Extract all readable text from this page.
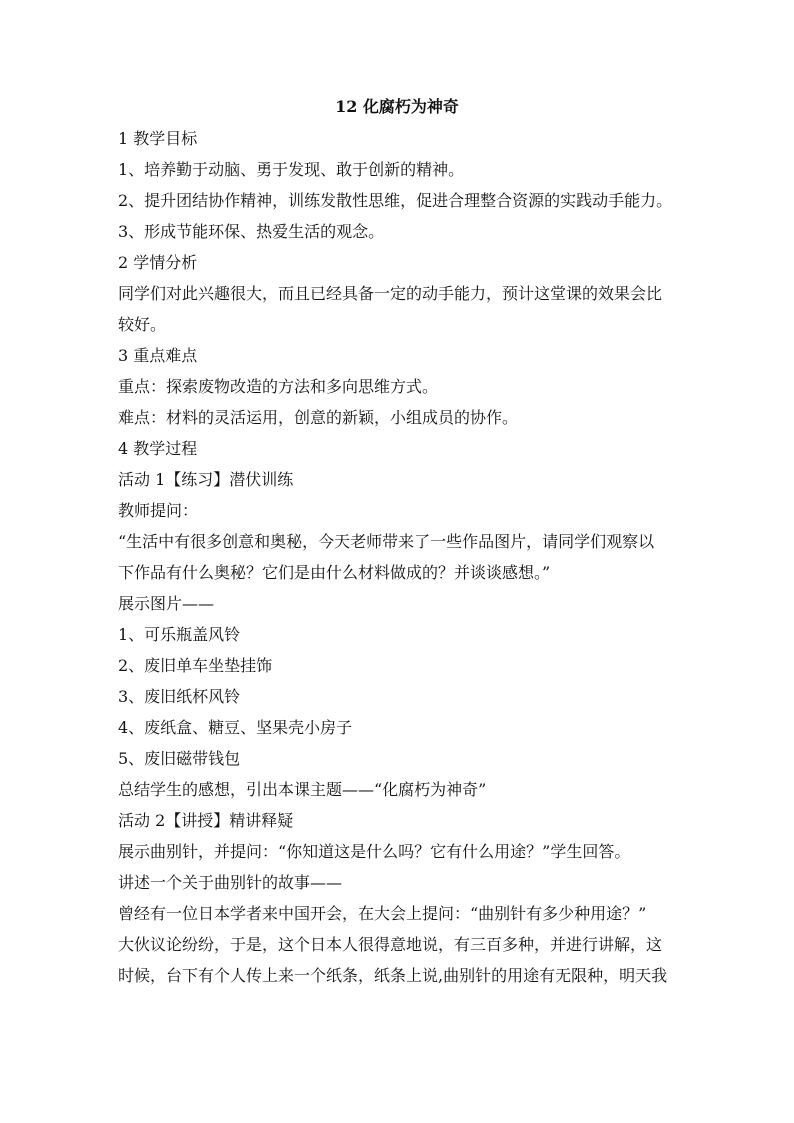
12 化腐朽为神奇
1 教学目标
1、培养勤于动脑、勇于发现、敢于创新的精神。
2、提升团结协作精神，训练发散性思维，促进合理整合资源的实践动手能力。
3、形成节能环保、热爱生活的观念。
2 学情分析
同学们对此兴趣很大，而且已经具备一定的动手能力，预计这堂课的效果会比
较好。
3 重点难点
重点：探索废物改造的方法和多向思维方式。
难点：材料的灵活运用，创意的新颖，小组成员的协作。
4 教学过程
活动 1【练习】潜伏训练
教师提问：
“生活中有很多创意和奥秘，今天老师带来了一些作品图片，请同学们观察以
下作品有什么奥秘？它们是由什么材料做成的？并谈谈感想。”
展示图片——
1、可乐瓶盖风铃
2、废旧单车坐垫挂饰
3、废旧纸杯风铃
4、废纸盒、糖豆、坚果壳小房子
5、废旧磁带钱包
总结学生的感想，引出本课主题——“化腐朽为神奇”
活动 2【讲授】精讲释疑
展示曲别针，并提问：“你知道这是什么吗？它有什么用途？”学生回答。
讲述一个关于曲别针的故事——
曾经有一位日本学者来中国开会，在大会上提问：“曲别针有多少种用途？”
大伙议论纷纷，于是，这个日本人很得意地说，有三百多种，并进行讲解，这
时候，台下有个人传上来一个纸条，纸条上说,曲别针的用途有无限种，明天我
